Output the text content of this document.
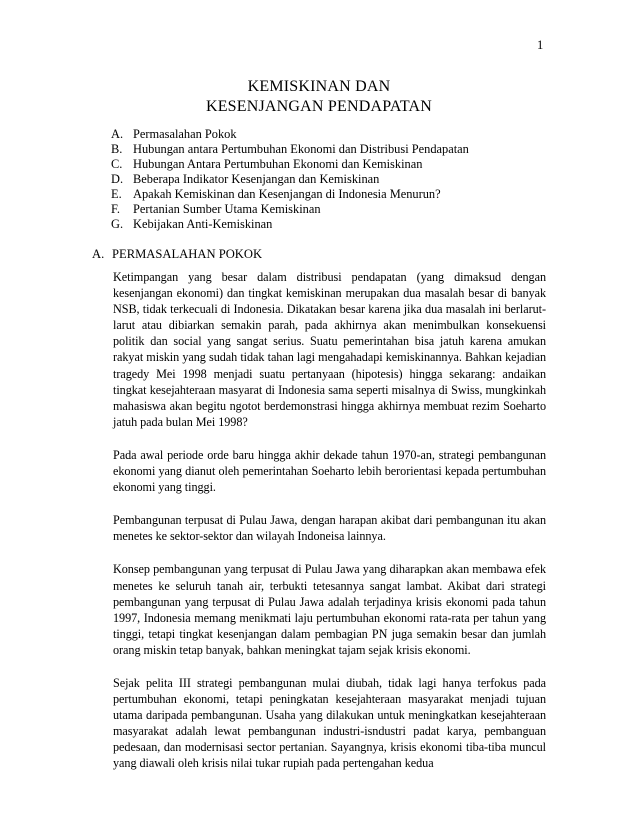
1
KEMISKINAN DAN
KESENJANGAN PENDAPATAN
A. Permasalahan Pokok
B. Hubungan antara Pertumbuhan Ekonomi dan Distribusi Pendapatan
C. Hubungan Antara Pertumbuhan Ekonomi dan Kemiskinan
D. Beberapa Indikator Kesenjangan dan Kemiskinan
E. Apakah Kemiskinan dan Kesenjangan di Indonesia Menurun?
F. Pertanian Sumber Utama Kemiskinan
G. Kebijakan Anti-Kemiskinan
A. PERMASALAHAN POKOK

Ketimpangan yang besar dalam distribusi pendapatan (yang dimaksud dengan kesenjangan ekonomi) dan tingkat kemiskinan merupakan dua masalah besar di banyak NSB, tidak terkecuali di Indonesia. Dikatakan besar karena jika dua masalah ini berlarut-larut atau dibiarkan semakin parah, pada akhirnya akan menimbulkan konsekuensi politik dan social yang sangat serius. Suatu pemerintahan bisa jatuh karena amukan rakyat miskin yang sudah tidak tahan lagi mengahadapi kemiskinannya. Bahkan kejadian tragedy Mei 1998 menjadi suatu pertanyaan (hipotesis) hingga sekarang: andaikan tingkat kesejahteraan masyarat di Indonesia sama seperti misalnya di Swiss, mungkinkah mahasiswa akan begitu ngotot berdemonstrasi hingga akhirnya membuat rezim Soeharto jatuh pada bulan Mei 1998?

Pada awal periode orde baru hingga akhir dekade tahun 1970-an, strategi pembangunan ekonomi yang dianut oleh pemerintahan Soeharto lebih berorientasi kepada pertumbuhan ekonomi yang tinggi.

Pembangunan terpusat di Pulau Jawa, dengan harapan akibat dari pembangunan itu akan menetes ke sektor-sektor dan wilayah Indoneisa lainnya.

Konsep pembangunan yang terpusat di Pulau Jawa yang diharapkan akan membawa efek menetes ke seluruh tanah air, terbukti tetesannya sangat lambat. Akibat dari strategi pembangunan yang terpusat di Pulau Jawa adalah terjadinya krisis ekonomi pada tahun 1997, Indonesia memang menikmati laju pertumbuhan ekonomi rata-rata per tahun yang tinggi, tetapi tingkat kesenjangan dalam pembagian PN juga semakin besar dan jumlah orang miskin tetap banyak, bahkan meningkat tajam sejak krisis ekonomi.

Sejak pelita III strategi pembangunan mulai diubah, tidak lagi hanya terfokus pada pertumbuhan ekonomi, tetapi peningkatan kesejahteraan masyarakat menjadi tujuan utama daripada pembangunan. Usaha yang dilakukan untuk meningkatkan kesejahteraan masyarakat adalah lewat pembangunan industri-isndustri padat karya, pembanguan pedesaan, dan modernisasi sector pertanian. Sayangnya, krisis ekonomi tiba-tiba muncul yang diawali oleh krisis nilai tukar rupiah pada pertengahan kedua
